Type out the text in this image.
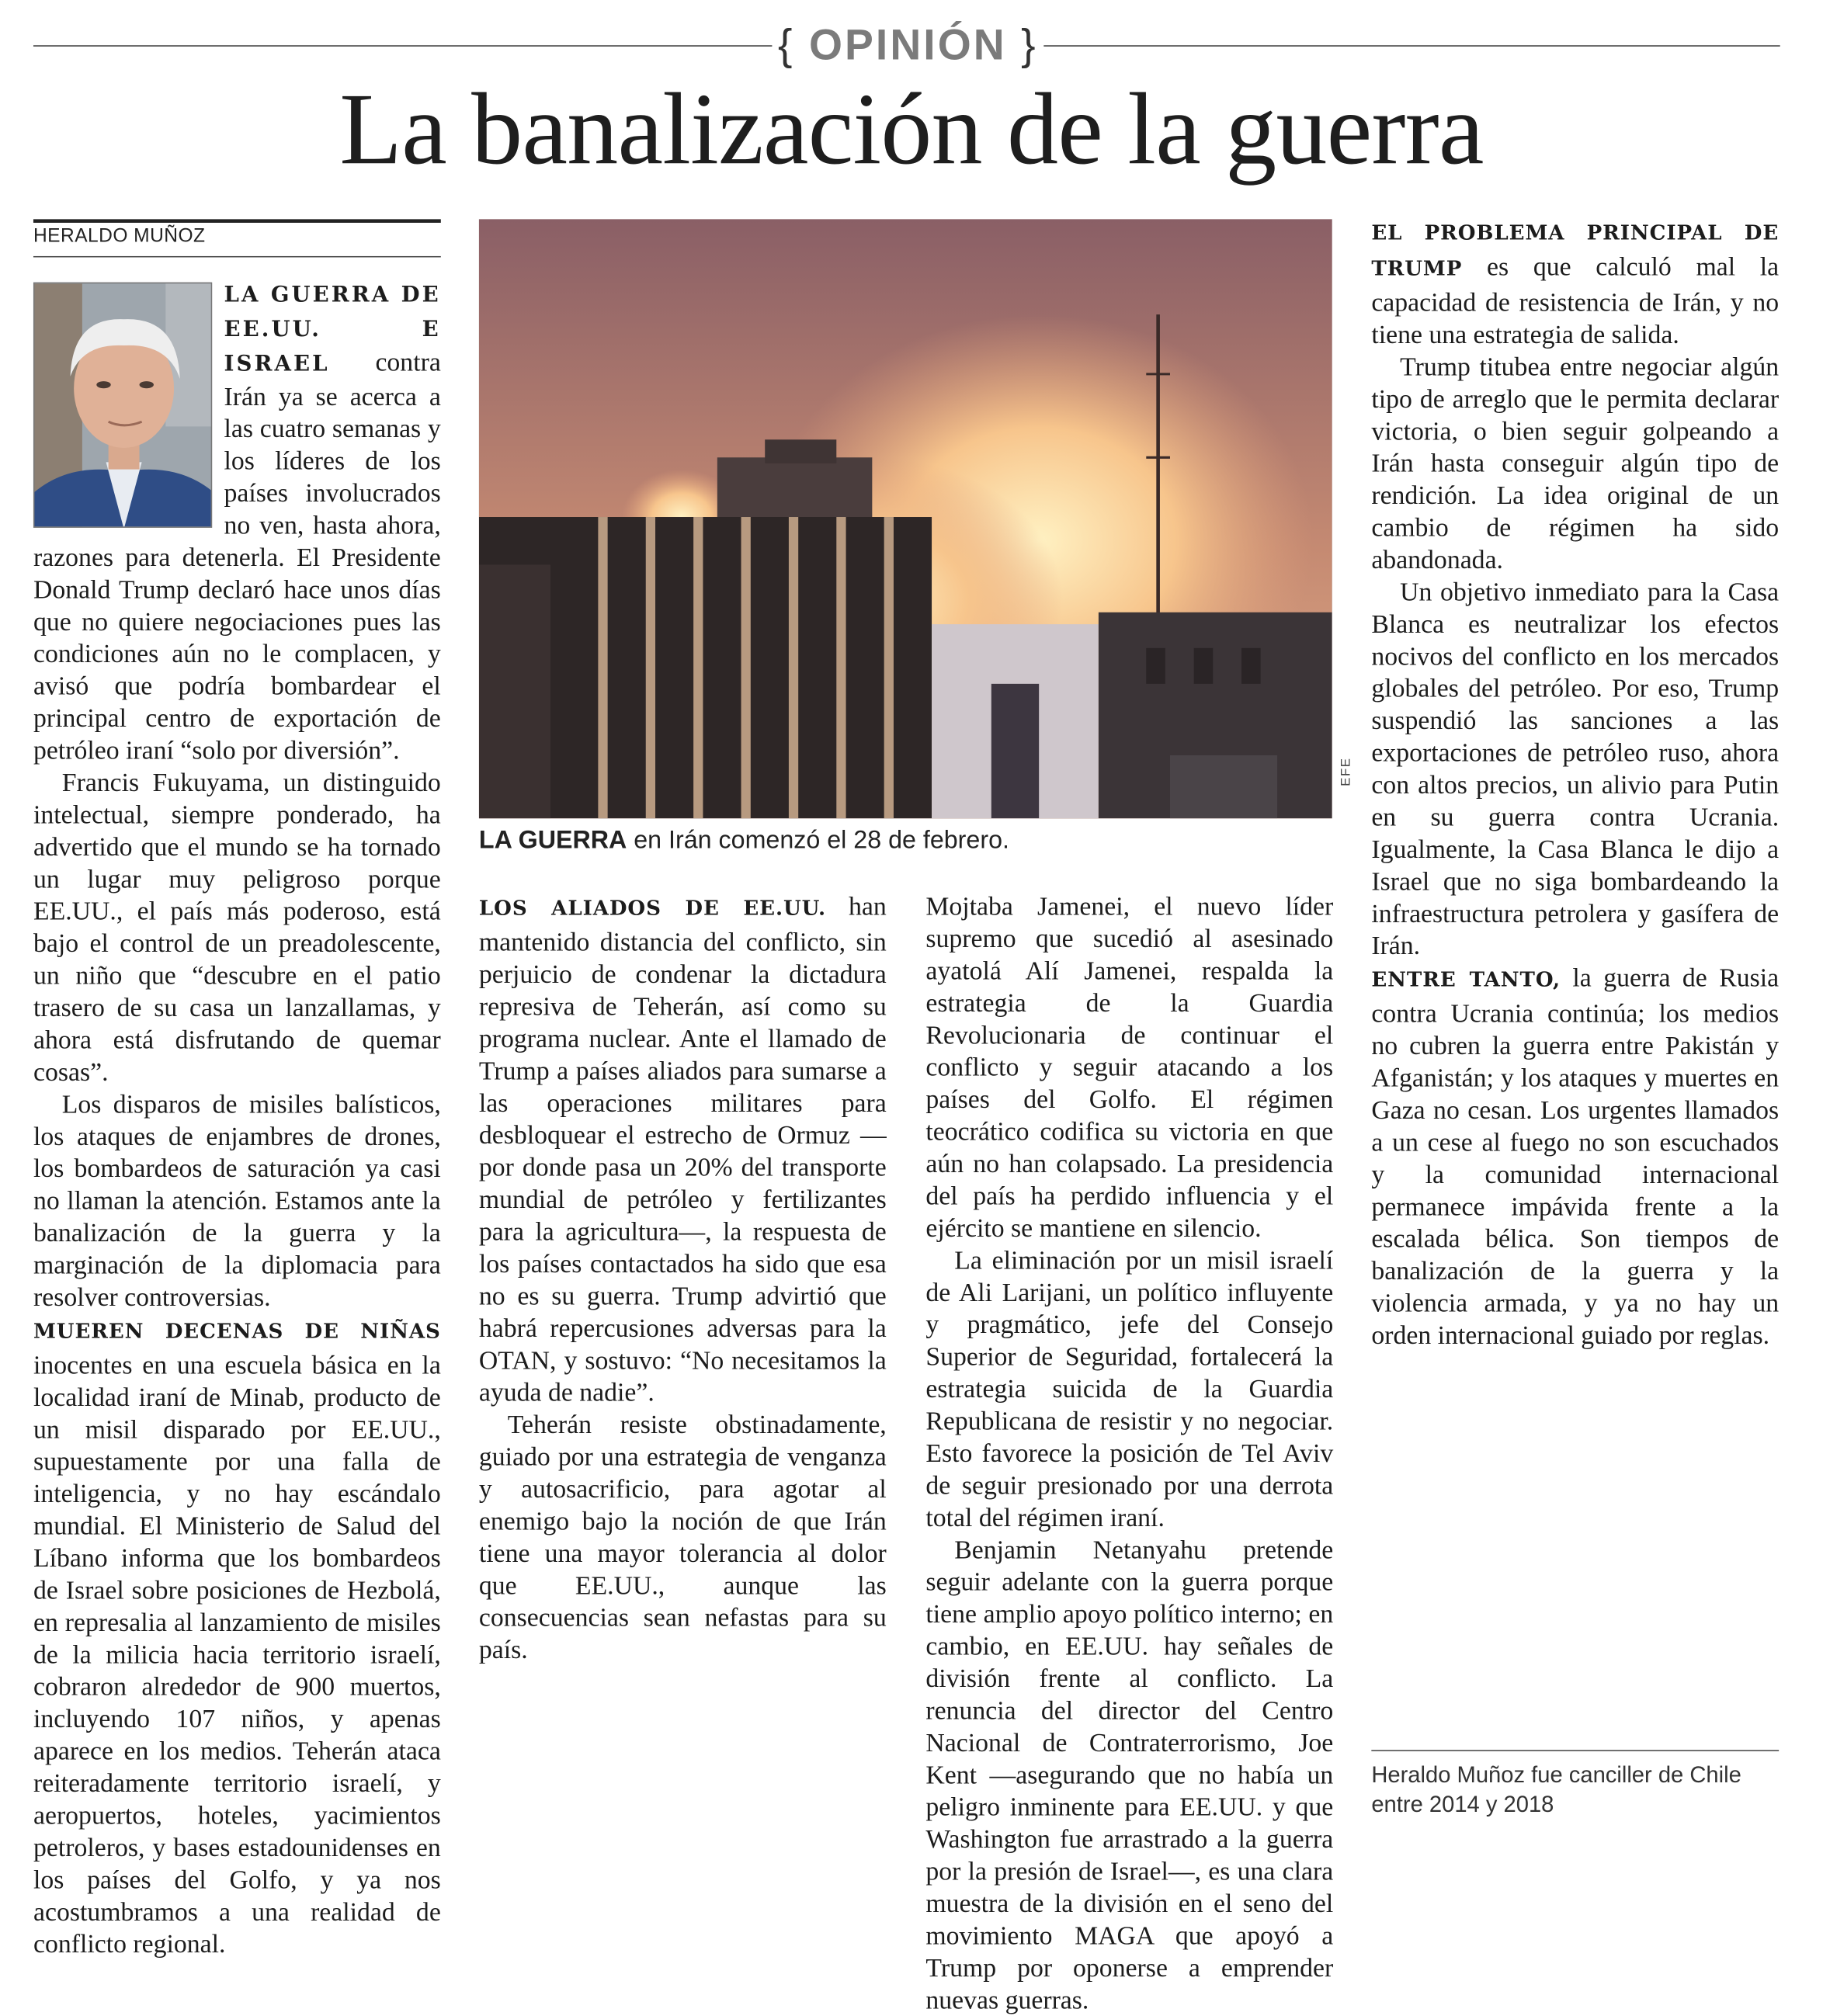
{ OPINIÓN }
La banalización de la guerra
HERALDO MUÑOZ

LA GUERRA DE EE.UU. E ISRAEL contra Irán ya se acerca a las cuatro semanas y los líderes de los países involucrados no ven, hasta ahora, razones para detenerla. El Presidente Donald Trump declaró hace unos días que no quiere negociaciones pues las condiciones aún no le complacen, y avisó que podría bombardear el principal centro de exportación de petróleo iraní “solo por diversión”.

Francis Fukuyama, un distinguido intelectual, siempre ponderado, ha advertido que el mundo se ha tornado un lugar muy peligroso porque EE.UU., el país más poderoso, está bajo el control de un preadolescente, un niño que “descubre en el patio trasero de su casa un lanzallamas, y ahora está disfrutando de quemar cosas”.

Los disparos de misiles balísticos, los ataques de enjambres de drones, los bombardeos de saturación ya casi no llaman la atención. Estamos ante la banalización de la guerra y la marginación de la diplomacia para resolver controversias.

MUEREN DECENAS DE NIÑAS inocentes en una escuela básica en la localidad iraní de Minab, producto de un misil disparado por EE.UU., supuestamente por una falla de inteligencia, y no hay escándalo mundial. El Ministerio de Salud del Líbano informa que los bombardeos de Israel sobre posiciones de Hezbolá, en represalia al lanzamiento de misiles de la milicia hacia territorio israelí, cobraron alrededor de 900 muertos, incluyendo 107 niños, y apenas aparece en los medios. Teherán ataca reiteradamente territorio israelí, y aeropuertos, hoteles, yacimientos petroleros, y bases estadounidenses en los países del Golfo, y ya nos acostumbramos a una realidad de conflicto regional.

EFE
LA GUERRA en Irán comenzó el 28 de febrero.

LOS ALIADOS DE EE.UU. han mantenido distancia del conflicto, sin perjuicio de condenar la dictadura represiva de Teherán, así como su programa nuclear. Ante el llamado de Trump a países aliados para sumarse a las operaciones militares para desbloquear el estrecho de Ormuz —por donde pasa un 20% del transporte mundial de petróleo y fertilizantes para la agricultura—, la respuesta de los países contactados ha sido que esa no es su guerra. Trump advirtió que habrá repercusiones adversas para la OTAN, y sostuvo: “No necesitamos la ayuda de nadie”.

Teherán resiste obstinadamente, guiado por una estrategia de venganza y autosacrificio, para agotar al enemigo bajo la noción de que Irán tiene una mayor tolerancia al dolor que EE.UU., aunque las consecuencias sean nefastas para su país.

Mojtaba Jamenei, el nuevo líder supremo que sucedió al asesinado ayatolá Alí Jamenei, respalda la estrategia de la Guardia Revolucionaria de continuar el conflicto y seguir atacando a los países del Golfo. El régimen teocrático codifica su victoria en que aún no han colapsado. La presidencia del país ha perdido influencia y el ejército se mantiene en silencio.

La eliminación por un misil israelí de Ali Larijani, un político influyente y pragmático, jefe del Consejo Superior de Seguridad, fortalecerá la estrategia suicida de la Guardia Republicana de resistir y no negociar. Esto favorece la posición de Tel Aviv de seguir presionado por una derrota total del régimen iraní.

Benjamin Netanyahu pretende seguir adelante con la guerra porque tiene amplio apoyo político interno; en cambio, en EE.UU. hay señales de división frente al conflicto. La renuncia del director del Centro Nacional de Contraterrorismo, Joe Kent —asegurando que no había un peligro inminente para EE.UU. y que Washington fue arrastrado a la guerra por la presión de Israel—, es una clara muestra de la división en el seno del movimiento MAGA que apoyó a Trump por oponerse a emprender nuevas guerras.

EL PROBLEMA PRINCIPAL DE TRUMP es que calculó mal la capacidad de resistencia de Irán, y no tiene una estrategia de salida.

Trump titubea entre negociar algún tipo de arreglo que le permita declarar victoria, o bien seguir golpeando a Irán hasta conseguir algún tipo de rendición. La idea original de un cambio de régimen ha sido abandonada.

Un objetivo inmediato para la Casa Blanca es neutralizar los efectos nocivos del conflicto en los mercados globales del petróleo. Por eso, Trump suspendió las sanciones a las exportaciones de petróleo ruso, ahora con altos precios, un alivio para Putin en su guerra contra Ucrania. Igualmente, la Casa Blanca le dijo a Israel que no siga bombardeando la infraestructura petrolera y gasífera de Irán.

ENTRE TANTO, la guerra de Rusia contra Ucrania continúa; los medios no cubren la guerra entre Pakistán y Afganistán; y los ataques y muertes en Gaza no cesan. Los urgentes llamados a un cese al fuego no son escuchados y la comunidad internacional permanece impávida frente a la escalada bélica. Son tiempos de banalización de la guerra y la violencia armada, y ya no hay un orden internacional guiado por reglas.

Heraldo Muñoz fue canciller de Chile entre 2014 y 2018
